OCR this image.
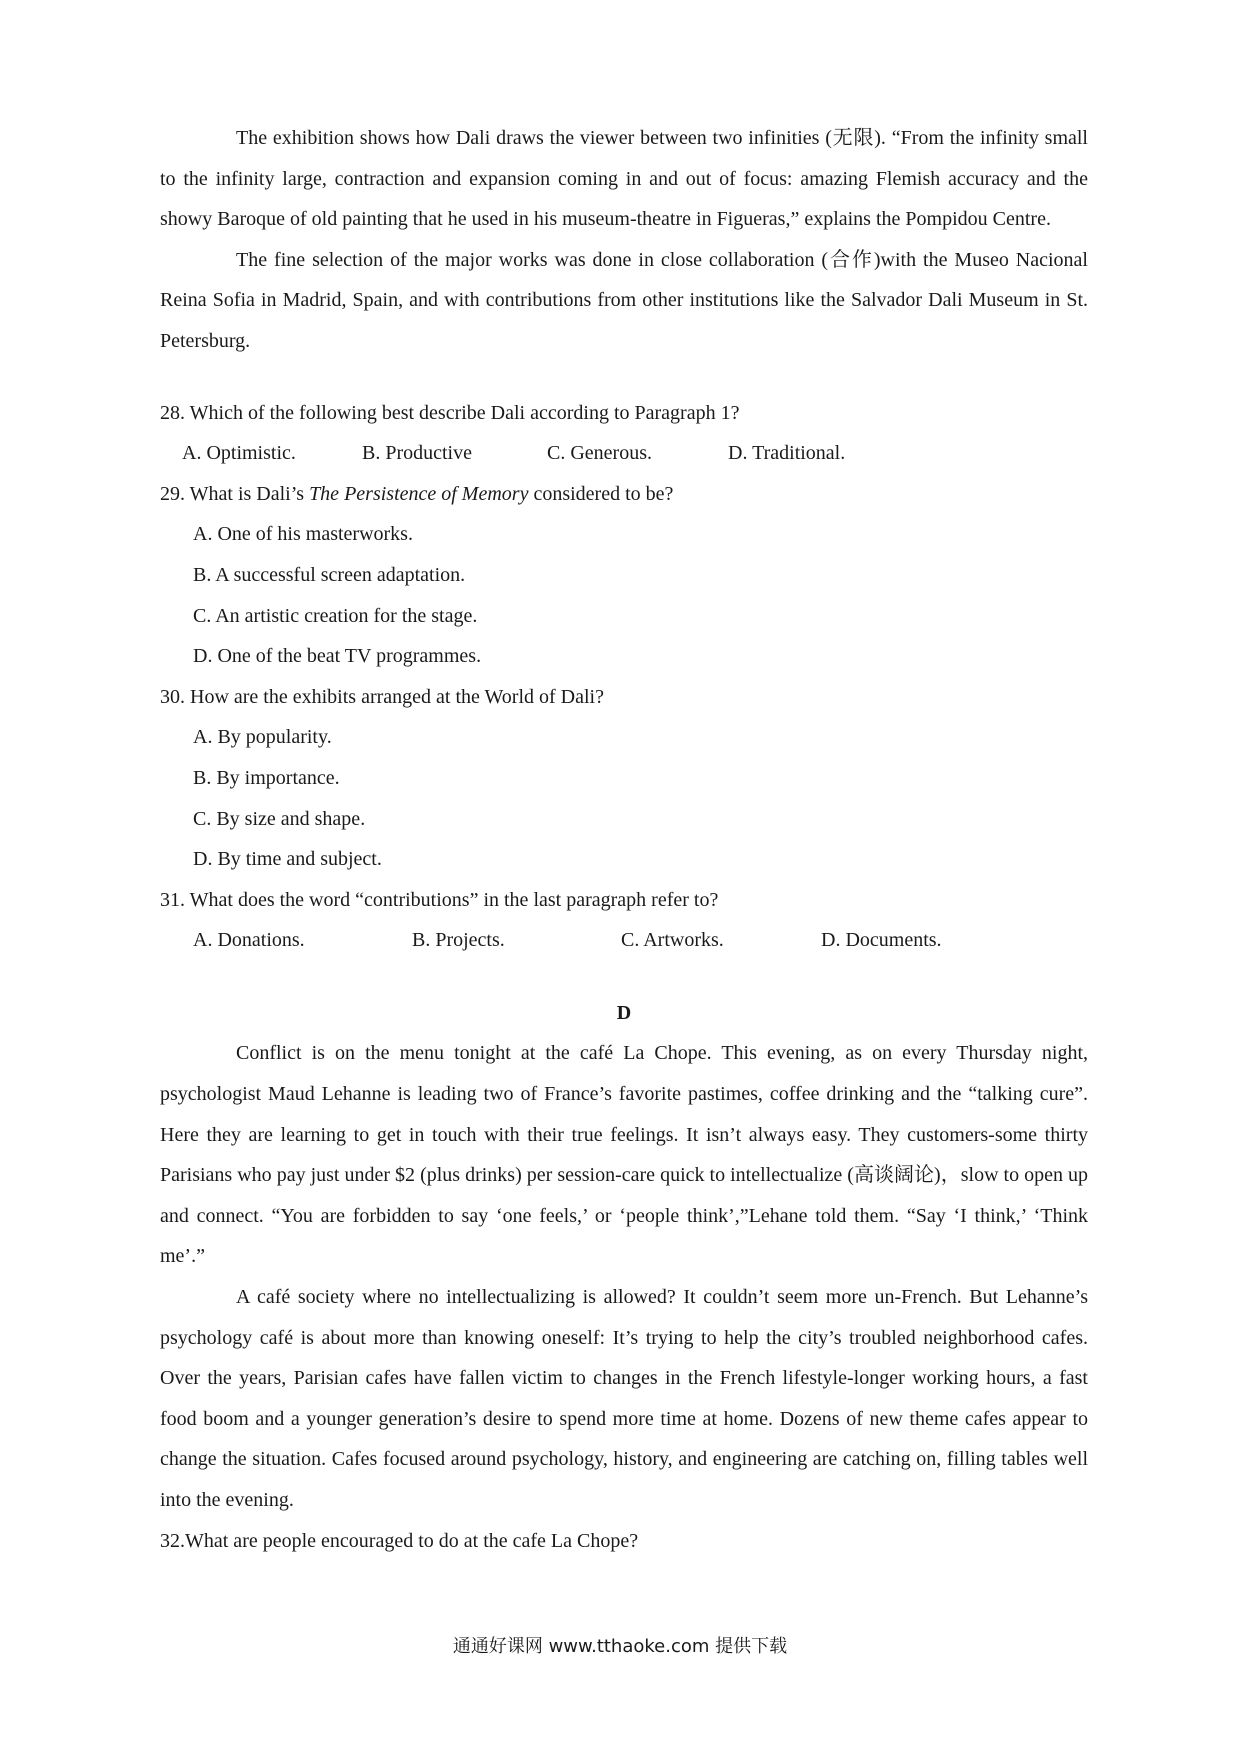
The exhibition shows how Dali draws the viewer between two infinities (无限). “From the infinity small to the infinity large, contraction and expansion coming in and out of focus: amazing Flemish accuracy and the showy Baroque of old painting that he used in his museum-theatre in Figueras,” explains the Pompidou Centre.

The fine selection of the major works was done in close collaboration (合作)with the Museo Nacional Reina Sofia in Madrid, Spain, and with contributions from other institutions like the Salvador Dali Museum in St. Petersburg.

28. Which of the following best describe Dali according to Paragraph 1?

A. Optimistic.	B. Productive	C. Generous.	D. Traditional.

29. What is Dali’s The Persistence of Memory considered to be?

A. One of his masterworks.
B. A successful screen adaptation.
C. An artistic creation for the stage.
D. One of the beat TV programmes.

30. How are the exhibits arranged at the World of Dali?

A. By popularity.
B. By importance.
C. By size and shape.
D. By time and subject.

31. What does the word “contributions” in the last paragraph refer to?

A. Donations.	B. Projects.	C. Artworks.	D. Documents.

D

Conflict is on the menu tonight at the café La Chope. This evening, as on every Thursday night, psychologist Maud Lehanne is leading two of France’s favorite pastimes, coffee drinking and the “talking cure”. Here they are learning to get in touch with their true feelings. It isn’t always easy. They customers-some thirty Parisians who pay just under $2 (plus drinks) per session-care quick to intellectualize (高谈阔论)，slow to open up and connect. “You are forbidden to say ‘one feels,’ or ‘people think’,”Lehane told them. “Say ‘I think,’ ‘Think me’.”

A café society where no intellectualizing is allowed? It couldn’t seem more un-French. But Lehanne’s psychology café is about more than knowing oneself: It’s trying to help the city’s troubled neighborhood cafes. Over the years, Parisian cafes have fallen victim to changes in the French lifestyle-longer working hours, a fast food boom and a younger generation’s desire to spend more time at home. Dozens of new theme cafes appear to change the situation. Cafes focused around psychology, history, and engineering are catching on, filling tables well into the evening.

32.What are people encouraged to do at the cafe La Chope?

通通好课网 www.tthaoke.com 提供下载
